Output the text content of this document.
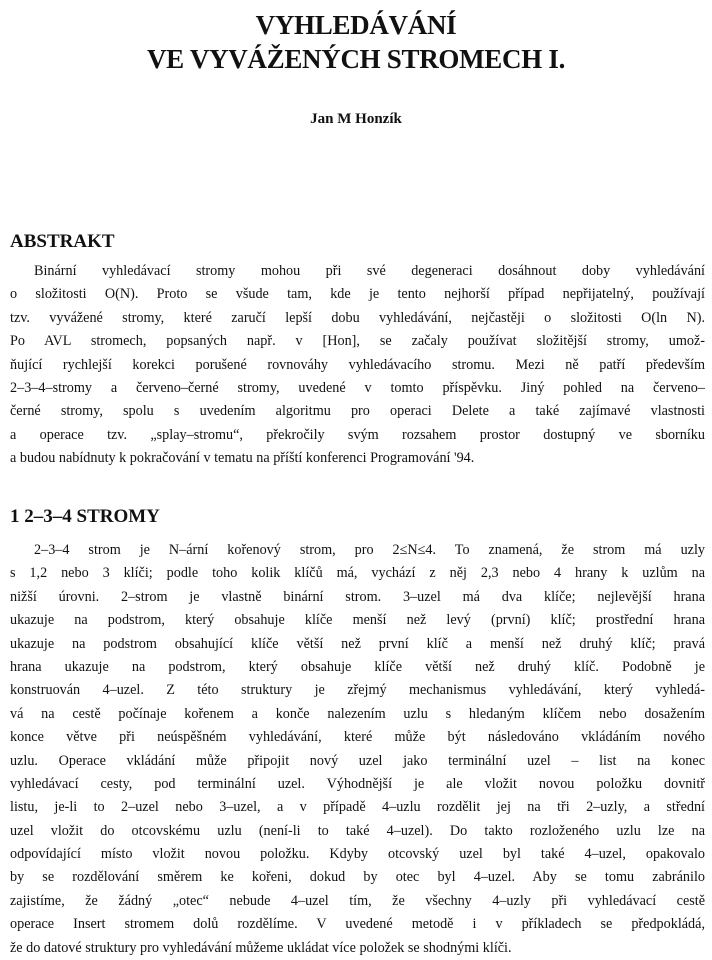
VYHLEDÁVÁNÍ
VE VYVÁŽENÝCH STROMECH I.
Jan M Honzík
ABSTRAKT
Binární vyhledávací stromy mohou při své degeneraci dosáhnout doby vyhledávání
o složitosti O(N). Proto se všude tam, kde je tento nejhorší případ nepřijatelný, používají
tzv. vyvážené stromy, které zaručí lepší dobu vyhledávání, nejčastěji o složitosti O(ln N).
Po AVL stromech, popsaných např. v [Hon], se začaly používat složitější stromy, umož-
ňující rychlejší korekci porušené rovnováhy vyhledávacího stromu. Mezi ně patří především
2–3–4–stromy a červeno–černé stromy, uvedené v tomto příspěvku. Jiný pohled na červeno–
černé stromy, spolu s uvedením algoritmu pro operaci Delete a také zajímavé vlastnosti
a operace tzv. „splay–stromu“, překročily svým rozsahem prostor dostupný ve sborníku
a budou nabídnuty k pokračování v tematu na příští konferenci Programování '94.
1 2–3–4 STROMY
2–3–4 strom je N–ární kořenový strom, pro 2≤N≤4. To znamená, že strom má uzly
s 1,2 nebo 3 klíči; podle toho kolik klíčů má, vychází z něj 2,3 nebo 4 hrany k uzlům na
nižší úrovni. 2–strom je vlastně binární strom. 3–uzel má dva klíče; nejlevější hrana
ukazuje na podstrom, který obsahuje klíče menší než levý (první) klíč; prostřední hrana
ukazuje na podstrom obsahující klíče větší než první klíč a menší než druhý klíč; pravá
hrana ukazuje na podstrom, který obsahuje klíče větší než druhý klíč. Podobně je
konstruován 4–uzel. Z této struktury je zřejmý mechanismus vyhledávání, který vyhledá-
vá na cestě počínaje kořenem a konče nalezením uzlu s hledaným klíčem nebo dosažením
konce větve při neúspěšném vyhledávání, které může být následováno vkládáním nového
uzlu. Operace vkládání může připojit nový uzel jako terminální uzel – list na konec
vyhledávací cesty, pod terminální uzel. Výhodnější je ale vložit novou položku dovnitř
listu, je-li to 2–uzel nebo 3–uzel, a v případě 4–uzlu rozdělit jej na tři 2–uzly, a střední
uzel vložit do otcovskému uzlu (není-li to také 4–uzel). Do takto rozloženého uzlu lze na
odpovídající místo vložit novou položku. Kdyby otcovský uzel byl také 4–uzel, opakovalo
by se rozdělování směrem ke kořeni, dokud by otec byl 4–uzel. Aby se tomu zabránilo
zajistíme, že žádný „otec“ nebude 4–uzel tím, že všechny 4–uzly při vyhledávací cestě
operace Insert stromem dolů rozdělíme. V uvedené metodě i v příkladech se předpokládá,
že do datové struktury pro vyhledávání můžeme ukládat více položek se shodnými klíči.
